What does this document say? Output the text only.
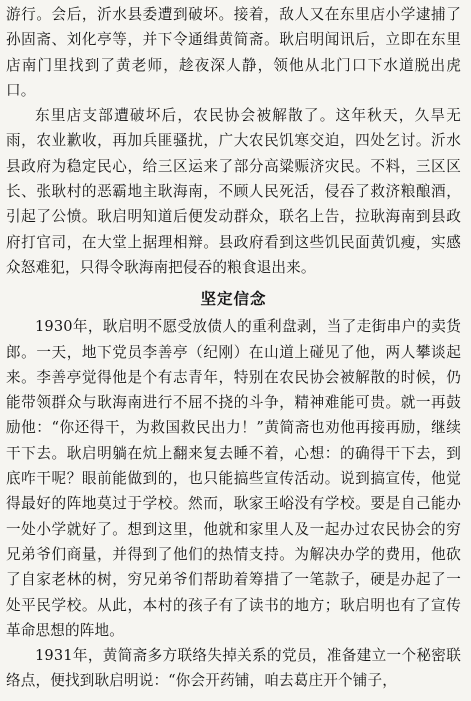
游行。会后，沂水县委遭到破坏。接着，敌人又在东里店小学逮捕了孙固斋、刘化亭等，并下令通缉黄简斋。耿启明闻讯后，立即在东里店南门里找到了黄老师，趁夜深人静，领他从北门口下水道脱出虎口。

东里店支部遭破坏后，农民协会被解散了。这年秋天，久旱无雨，农业歉收，再加兵匪骚扰，广大农民饥寒交迫，四处乞讨。沂水县政府为稳定民心，给三区运来了部分高粱赈济灾民。不料，三区区长、张耿村的恶霸地主耿海南，不顾人民死活，侵吞了救济粮酿酒，引起了公愤。耿启明知道后便发动群众，联名上告，拉耿海南到县政府打官司，在大堂上据理相辩。县政府看到这些饥民面黄饥瘦，实感众怒难犯，只得令耿海南把侵吞的粮食退出来。

坚定信念

1930年，耿启明不愿受放债人的重利盘剥，当了走街串户的卖货郎。一天，地下党员李善亭（纪刚）在山道上碰见了他，两人攀谈起来。李善亭觉得他是个有志青年，特别在农民协会被解散的时候，仍能带领群众与耿海南进行不屈不挠的斗争，精神难能可贵。就一再鼓励他：“你还得干，为救国救民出力！”黄简斋也劝他再接再励，继续干下去。耿启明躺在炕上翻来复去睡不着，心想：的确得干下去，到底咋干呢？眼前能做到的，也只能搞些宣传活动。说到搞宣传，他觉得最好的阵地莫过于学校。然而，耿家王峪没有学校。要是自己能办一处小学就好了。想到这里，他就和家里人及一起办过农民协会的穷兄弟爷们商量，并得到了他们的热情支持。为解决办学的费用，他砍了自家老林的树，穷兄弟爷们帮助着筹措了一笔款子，硬是办起了一处平民学校。从此，本村的孩子有了读书的地方；耿启明也有了宣传革命思想的阵地。

1931年，黄简斋多方联络失掉关系的党员，准备建立一个秘密联络点，便找到耿启明说：“你会开药铺，咱去葛庄开个铺子，
